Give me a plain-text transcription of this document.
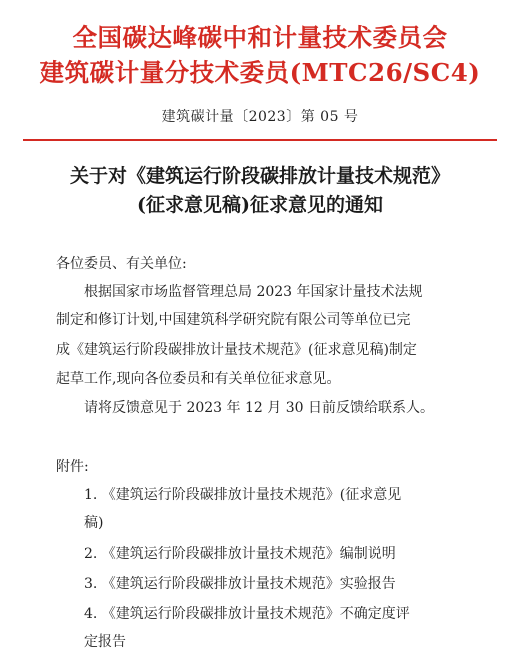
全国碳达峰碳中和计量技术委员会
建筑碳计量分技术委员(MTC26/SC4)
建筑碳计量〔2023〕第 05 号
关于对《建筑运行阶段碳排放计量技术规范》
(征求意见稿)征求意见的通知
各位委员、有关单位:
根据国家市场监督管理总局 2023 年国家计量技术法规
制定和修订计划,中国建筑科学研究院有限公司等单位已完
成《建筑运行阶段碳排放计量技术规范》(征求意见稿)制定
起草工作,现向各位委员和有关单位征求意见。
请将反馈意见于 2023 年 12 月 30 日前反馈给联系人。
附件:
1. 《建筑运行阶段碳排放计量技术规范》(征求意见
稿)
2. 《建筑运行阶段碳排放计量技术规范》编制说明
3. 《建筑运行阶段碳排放计量技术规范》实验报告
4. 《建筑运行阶段碳排放计量技术规范》不确定度评
定报告
